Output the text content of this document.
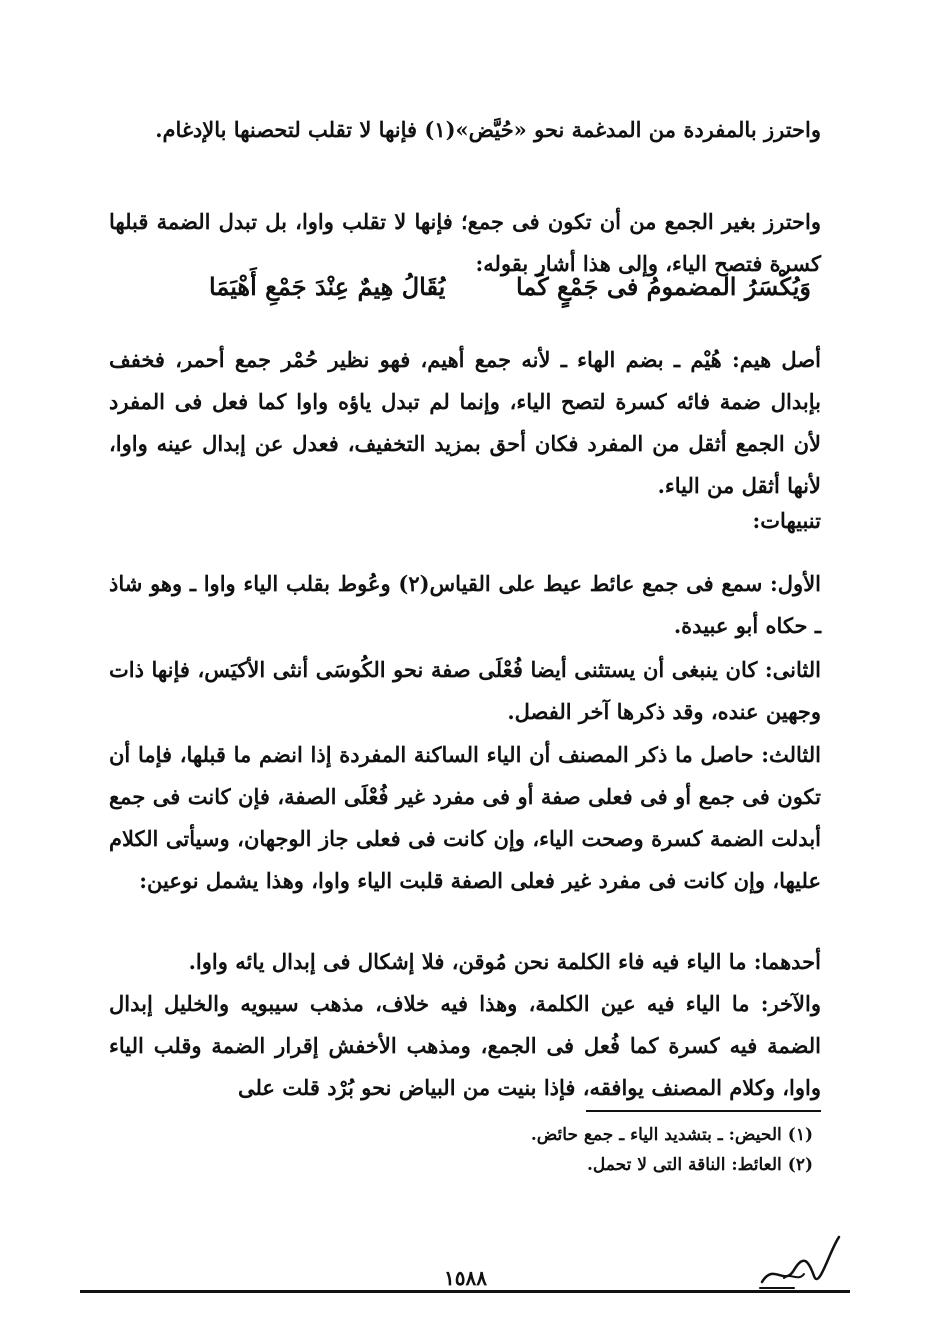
واحترز بالمفردة من المدغمة نحو «حُيَّض»(١) فإنها لا تقلب لتحصنها بالإدغام.

واحترز بغير الجمع من أن تكون فى جمع؛ فإنها لا تقلب واوا، بل تبدل الضمة قبلها كسرة فتصح الياء، وإلى هذا أشار بقوله:

وَيُكْسَرُ المضمومُ فى جَمْعٍ كَما
يُقَالُ هِيمٌ عِنْدَ جَمْعِ أَهْيَمَا

أصل هيم: هُيْم ـ بضم الهاء ـ لأنه جمع أهيم، فهو نظير حُمْر جمع أحمر، فخفف بإبدال ضمة فائه كسرة لتصح الياء، وإنما لم تبدل ياؤه واوا كما فعل فى المفرد لأن الجمع أثقل من المفرد فكان أحق بمزيد التخفيف، فعدل عن إبدال عينه واوا، لأنها أثقل من الياء.

تنبيهات:

الأول: سمع فى جمع عائط عيط على القياس(٢) وعُوط بقلب الياء واوا ـ وهو شاذ ـ حكاه أبو عبيدة.

الثانى: كان ينبغى أن يستثنى أيضا فُعْلَى صفة نحو الكُوسَى أنثى الأكيَس، فإنها ذات وجهين عنده، وقد ذكرها آخر الفصل.

الثالث: حاصل ما ذكر المصنف أن الياء الساكنة المفردة إذا انضم ما قبلها، فإما أن تكون فى جمع أو فى فعلى صفة أو فى مفرد غير فُعْلَى الصفة، فإن كانت فى جمع أبدلت الضمة كسرة وصحت الياء، وإن كانت فى فعلى جاز الوجهان، وسيأتى الكلام عليها، وإن كانت فى مفرد غير فعلى الصفة قلبت الياء واوا، وهذا يشمل نوعين:

أحدهما: ما الياء فيه فاء الكلمة نحن مُوقن، فلا إشكال فى إبدال يائه واوا.

والآخر: ما الياء فيه عين الكلمة، وهذا فيه خلاف، مذهب سيبويه والخليل إبدال الضمة فيه كسرة كما فُعل فى الجمع، ومذهب الأخفش إقرار الضمة وقلب الياء واوا، وكلام المصنف يوافقه، فإذا بنيت من البياض نحو بُرْد قلت على

(١)الحيض: ـ بتشديد الياء ـ جمع حائض.
(٢)العائط: الناقة التى لا تحمل.
١٥٨٨
